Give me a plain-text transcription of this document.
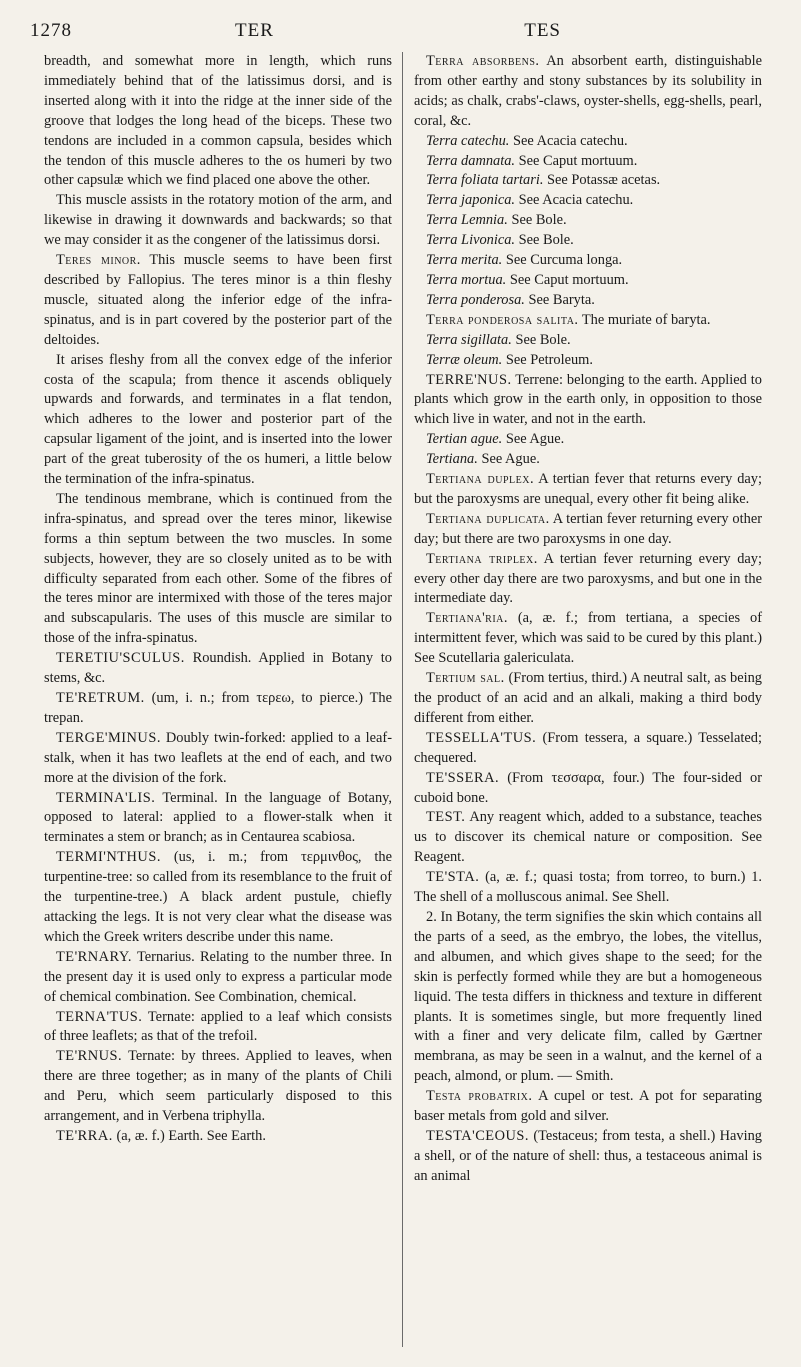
1278	TER	TES

breadth, and somewhat more in length, which runs immediately behind that of the latissimus dorsi, and is inserted along with it into the ridge at the inner side of the groove that lodges the long head of the biceps. These two tendons are included in a common capsula, besides which the tendon of this muscle adheres to the os humeri by two other capsulæ which we find placed one above the other.

This muscle assists in the rotatory motion of the arm, and likewise in drawing it downwards and backwards; so that we may consider it as the congener of the latissimus dorsi.

Teres minor. This muscle seems to have been first described by Fallopius. The teres minor is a thin fleshy muscle, situated along the inferior edge of the infra-spinatus, and is in part covered by the posterior part of the deltoides.

It arises fleshy from all the convex edge of the inferior costa of the scapula; from thence it ascends obliquely upwards and forwards, and terminates in a flat tendon, which adheres to the lower and posterior part of the capsular ligament of the joint, and is inserted into the lower part of the great tuberosity of the os humeri, a little below the termination of the infra-spinatus.

The tendinous membrane, which is continued from the infra-spinatus, and spread over the teres minor, likewise forms a thin septum between the two muscles. In some subjects, however, they are so closely united as to be with difficulty separated from each other. Some of the fibres of the teres minor are intermixed with those of the teres major and subscapularis. The uses of this muscle are similar to those of the infra-spinatus.

TERETIU'SCULUS. Roundish. Applied in Botany to stems, &c.

TE'RETRUM. (um, i. n.; from τερεω, to pierce.) The trepan.

TERGE'MINUS. Doubly twin-forked: applied to a leaf-stalk, when it has two leaflets at the end of each, and two more at the division of the fork.

TERMINA'LIS. Terminal. In the language of Botany, opposed to lateral: applied to a flower-stalk when it terminates a stem or branch; as in Centaurea scabiosa.

TERMI'NTHUS. (us, i. m.; from τερμινθος, the turpentine-tree: so called from its resemblance to the fruit of the turpentine-tree.) A black ardent pustule, chiefly attacking the legs. It is not very clear what the disease was which the Greek writers describe under this name.

TE'RNARY. Ternarius. Relating to the number three. In the present day it is used only to express a particular mode of chemical combination. See Combination, chemical.

TERNA'TUS. Ternate: applied to a leaf which consists of three leaflets; as that of the trefoil.

TE'RNUS. Ternate: by threes. Applied to leaves, when there are three together; as in many of the plants of Chili and Peru, which seem particularly disposed to this arrangement, and in Verbena triphylla.

TE'RRA. (a, æ. f.) Earth. See Earth.

Terra absorbens. An absorbent earth, distinguishable from other earthy and stony substances by its solubility in acids; as chalk, crabs'-claws, oyster-shells, egg-shells, pearl, coral, &c.

Terra catechu. See Acacia catechu.

Terra damnata. See Caput mortuum.

Terra foliata tartari. See Potassæ acetas.

Terra japonica. See Acacia catechu.

Terra Lemnia. See Bole.

Terra Livonica. See Bole.

Terra merita. See Curcuma longa.

Terra mortua. See Caput mortuum.

Terra ponderosa. See Baryta.

Terra ponderosa salita. The muriate of baryta.

Terra sigillata. See Bole.

Terræ oleum. See Petroleum.

TERRE'NUS. Terrene: belonging to the earth. Applied to plants which grow in the earth only, in opposition to those which live in water, and not in the earth.

Tertian ague. See Ague.

Tertiana. See Ague.

Tertiana duplex. A tertian fever that returns every day; but the paroxysms are unequal, every other fit being alike.

Tertiana duplicata. A tertian fever returning every other day; but there are two paroxysms in one day.

Tertiana triplex. A tertian fever returning every day; every other day there are two paroxysms, and but one in the intermediate day.

Tertiana'ria. (a, æ. f.; from tertiana, a species of intermittent fever, which was said to be cured by this plant.) See Scutellaria galericulata.

Tertium sal. (From tertius, third.) A neutral salt, as being the product of an acid and an alkali, making a third body different from either.

TESSELLA'TUS. (From tessera, a square.) Tesselated; chequered.

TE'SSERA. (From τεσσαρα, four.) The four-sided or cuboid bone.

TEST. Any reagent which, added to a substance, teaches us to discover its chemical nature or composition. See Reagent.

TE'STA. (a, æ. f.; quasi tosta; from torreo, to burn.) 1. The shell of a molluscous animal. See Shell.

2. In Botany, the term signifies the skin which contains all the parts of a seed, as the embryo, the lobes, the vitellus, and albumen, and which gives shape to the seed; for the skin is perfectly formed while they are but a homogeneous liquid. The testa differs in thickness and texture in different plants. It is sometimes single, but more frequently lined with a finer and very delicate film, called by Gærtner membrana, as may be seen in a walnut, and the kernel of a peach, almond, or plum. — Smith.

Testa probatrix. A cupel or test. A pot for separating baser metals from gold and silver.

TESTA'CEOUS. (Testaceus; from testa, a shell.) Having a shell, or of the nature of shell: thus, a testaceous animal is an animal
